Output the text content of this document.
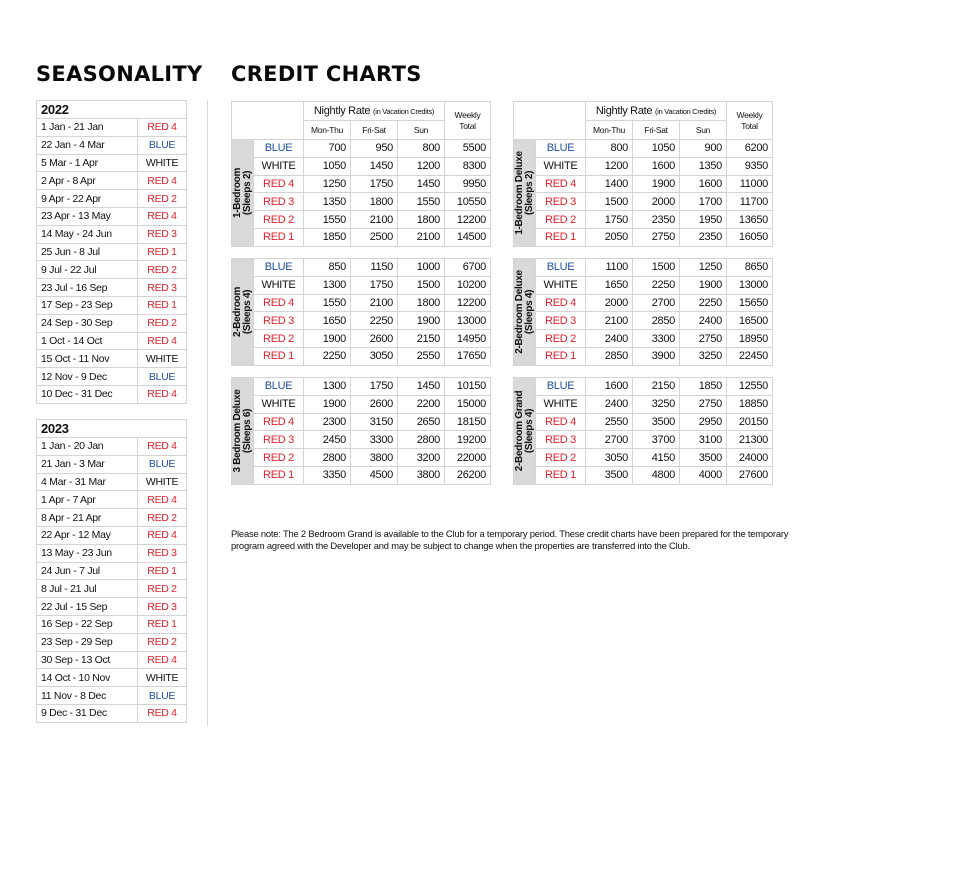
SEASONALITY CREDIT CHARTS
2022	
1 Jan - 21 Jan	RED 4
22 Jan - 4 Mar	BLUE
5 Mar - 1 Apr	WHITE
2 Apr - 8 Apr	RED 4
9 Apr - 22 Apr	RED 2
23 Apr - 13 May	RED 4
14 May - 24 Jun	RED 3
25 Jun - 8 Jul	RED 1
9 Jul - 22 Jul	RED 2
23 Jul - 16 Sep	RED 3
17 Sep - 23 Sep	RED 1
24 Sep - 30 Sep	RED 2
1 Oct - 14 Oct	RED 4
15 Oct - 11 Nov	WHITE
12 Nov - 9 Dec	BLUE
10 Dec - 31 Dec	RED 4
2023	
1 Jan - 20 Jan	RED 4
21 Jan - 3 Mar	BLUE
4 Mar - 31 Mar	WHITE
1 Apr - 7 Apr	RED 4
8 Apr - 21 Apr	RED 2
22 Apr - 12 May	RED 4
13 May - 23 Jun	RED 3
24 Jun - 7 Jul	RED 1
8 Jul - 21 Jul	RED 2
22 Jul - 15 Sep	RED 3
16 Sep - 22 Sep	RED 1
23 Sep - 29 Sep	RED 2
30 Sep - 13 Oct	RED 4
14 Oct - 10 Nov	WHITE
11 Nov - 8 Dec	BLUE
9 Dec - 31 Dec	RED 4
		Nightly Rate (in Vacation Credits)			Weekly
Total
		Mon-Thu	Fri-Sat	Sun	

1-Bedroom
(Sleeps 2)	BLUE	700	950	800	5500
	WHITE	1050	1450	1200	8300
	RED 4	1250	1750	1450	9950
	RED 3	1350	1800	1550	10550
	RED 2	1550	2100	1800	12200
	RED 1	1850	2500	2100	14500
		Nightly Rate (in Vacation Credits)			Weekly
Total
		Mon-Thu	Fri-Sat	Sun	

1-Bedroom Deluxe
(Sleeps 2)	BLUE	800	1050	900	6200
	WHITE	1200	1600	1350	9350
	RED 4	1400	1900	1600	11000
	RED 3	1500	2000	1700	11700
	RED 2	1750	2350	1950	13650
	RED 1	2050	2750	2350	16050
2-Bedroom
(Sleeps 4)	BLUE	850	1150	1000	6700
	WHITE	1300	1750	1500	10200
	RED 4	1550	2100	1800	12200
	RED 3	1650	2250	1900	13000
	RED 2	1900	2600	2150	14950
	RED 1	2250	3050	2550	17650
2-Bedroom Deluxe
(Sleeps 4)	BLUE	1100	1500	1250	8650
	WHITE	1650	2250	1900	13000
	RED 4	2000	2700	2250	15650
	RED 3	2100	2850	2400	16500
	RED 2	2400	3300	2750	18950
	RED 1	2850	3900	3250	22450
3 Bedroom Deluxe
(Sleeps 6)	BLUE	1300	1750	1450	10150
	WHITE	1900	2600	2200	15000
	RED 4	2300	3150	2650	18150
	RED 3	2450	3300	2800	19200
	RED 2	2800	3800	3200	22000
	RED 1	3350	4500	3800	26200
2-Bedroom Grand
(Sleeps 4)	BLUE	1600	2150	1850	12550
	WHITE	2400	3250	2750	18850
	RED 4	2550	3500	2950	20150
	RED 3	2700	3700	3100	21300
	RED 2	3050	4150	3500	24000
	RED 1	3500	4800	4000	27600
Please note: The 2 Bedroom Grand is available to the Club for a temporary period. These credit charts have been prepared for the temporary program agreed with the Developer and may be subject to change when the properties are transferred into the Club.
